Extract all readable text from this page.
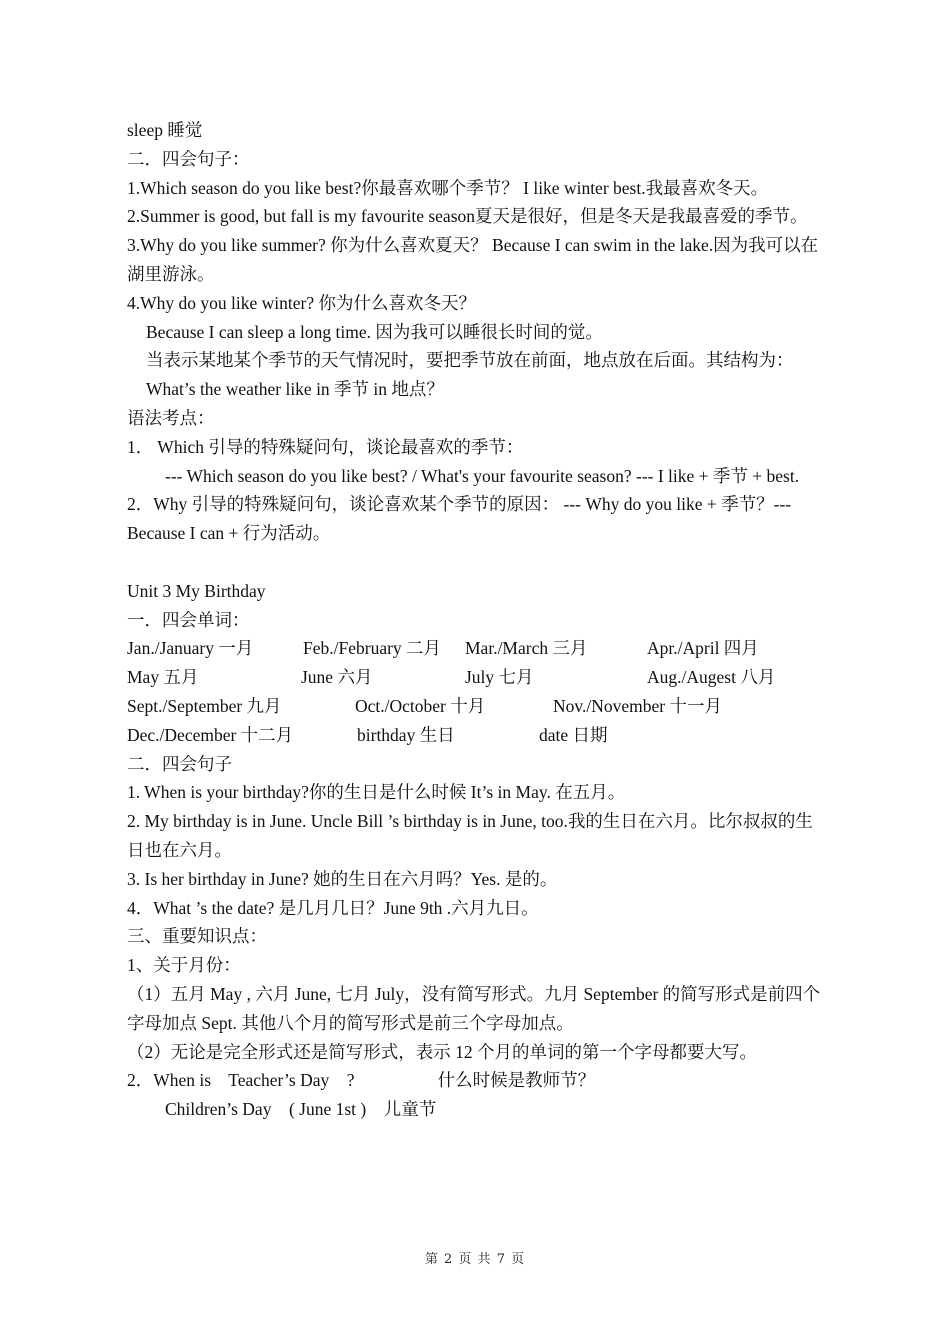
sleep 睡觉
二．四会句子：
1.Which season do you like best?你最喜欢哪个季节？ I like winter best.我最喜欢冬天。
2.Summer is good, but fall is my favourite season夏天是很好，但是冬天是我最喜爱的季节。
3.Why do you like summer? 你为什么喜欢夏天？ Because I can swim in the lake.因为我可以在湖里游泳。
4.Why do you like winter? 你为什么喜欢冬天？
Because I can sleep a long time. 因为我可以睡很长时间的觉。
当表示某地某个季节的天气情况时，要把季节放在前面，地点放在后面。其结构为：What’s the weather like in 季节 in 地点？
语法考点：
1． Which 引导的特殊疑问句，谈论最喜欢的季节：
--- Which season do you like best? / What's your favourite season? --- I like + 季节 + best.
2．Why 引导的特殊疑问句，谈论喜欢某个季节的原因： --- Why do you like + 季节？--- Because I can + 行为活动。
Unit 3 My Birthday
一．四会单词：
Jan./January 一月	Feb./February 二月 Mar./March 三月	Apr./April 四月
May 五月	June 六月	July 七月	Aug./Augest 八月
Sept./September 九月	Oct./October 十月	Nov./November 十一月
Dec./December 十二月	birthday 生日	date 日期
二．四会句子
1. When is your birthday?你的生日是什么时候 It’s in May. 在五月。
2. My birthday is in June. Uncle Bill ’s birthday is in June, too.我的生日在六月。比尔叔叔的生日也在六月。
3. Is her birthday in June? 她的生日在六月吗？Yes. 是的。
4．What ’s the date? 是几月几日？June 9th .六月九日。
三、重要知识点：
1、关于月份：
（1）五月 May , 六月 June, 七月 July，没有简写形式。九月 September 的简写形式是前四个字母加点 Sept. 其他八个月的简写形式是前三个字母加点。
（2）无论是完全形式还是简写形式，表示 12 个月的单词的第一个字母都要大写。
2．When is    Teacher’s Day    ?                   什么时候是教师节？
Children’s Day    ( June 1st )    儿童节
第 2 页 共 7 页
